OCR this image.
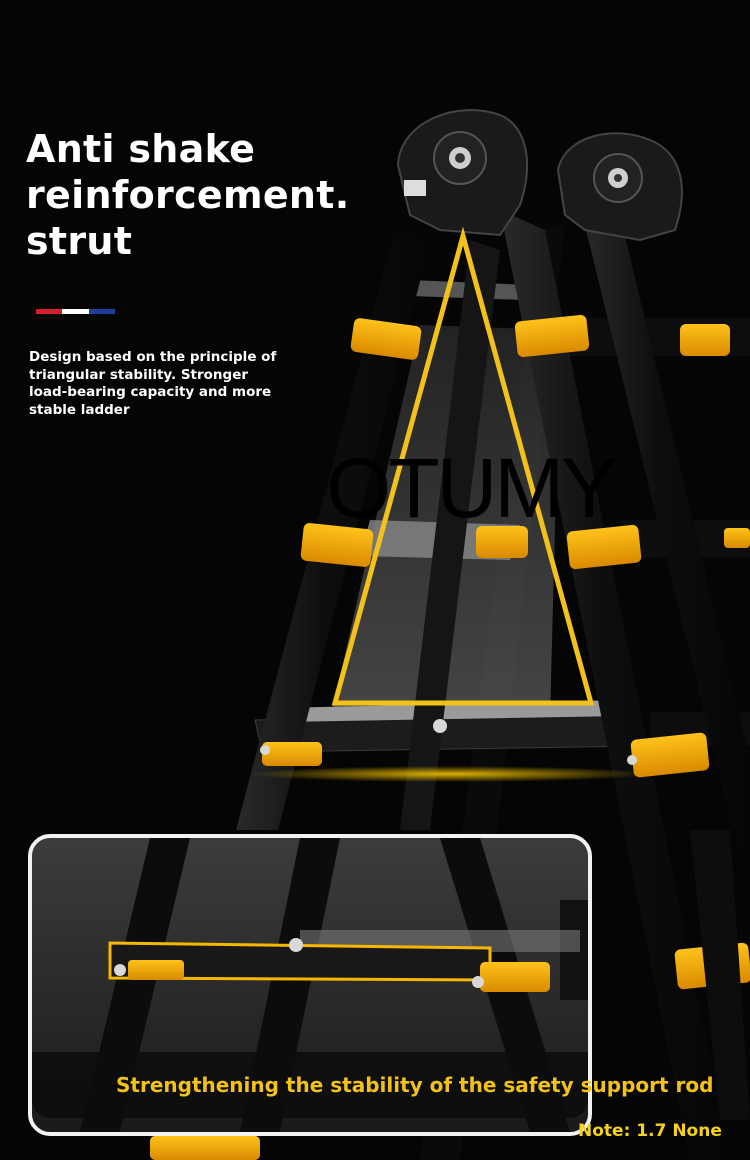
Anti shake
reinforcement.
strut

Design based on the principle of
triangular stability. Stronger
load-bearing capacity and more
stable ladder

OTUMY

Strengthening the stability of the safety support rod

Note: 1.7 None
